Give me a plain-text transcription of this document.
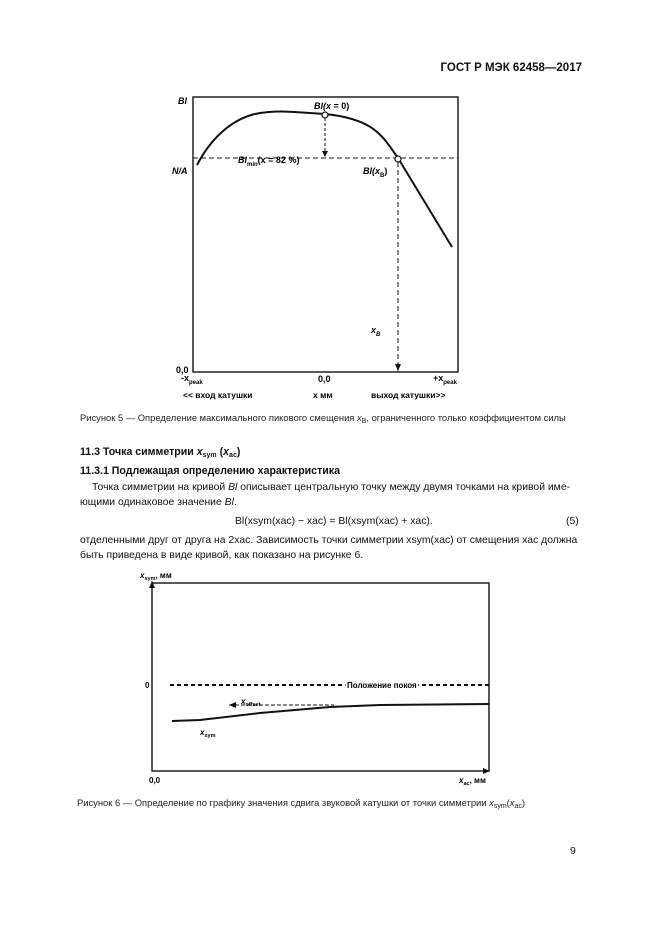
ГОСТ Р МЭК 62458—2017
Bl
N/A
0,0
Bl(x = 0)
$Bl_{min}(x = 82$ %)
$Bl(x_B)$
$x_B$
$-x_{peak}$	0,0	$+x_{peak}$
<< вход катушки	x мм	выход катушки>>
Рисунок 5 — Определение максимального пикового смещения $x_B$, ограниченного только коэффициентом силы
11.3 Точка симметрии $x_{sym}$ $(x_{ac})$
11.3.1 Подлежащая определению характеристика
Точка симметрии на кривой Bl описывает центральную точку между двумя точками на кривой име-
ющими одинаковое значение Bl.
Bl(xsym(xac) − xac) = Bl(xsym(xac) + xac).	(5)
отделенными друг от друга на 2xac. Зависимость точки симметрии xsym(xac) от смещения xac должна
быть приведена в виде кривой, как показано на рисунке 6.
$x_{sym}$, мм
0
0,0	$x_{ac}$, мм
Положение покоя
$x_{offset}$
$x_{sym}$
Рисунок 6 — Определение по графику значения сдвига звуковой катушки от точки симметрии $x_{sym}(x_{ac})$
9
